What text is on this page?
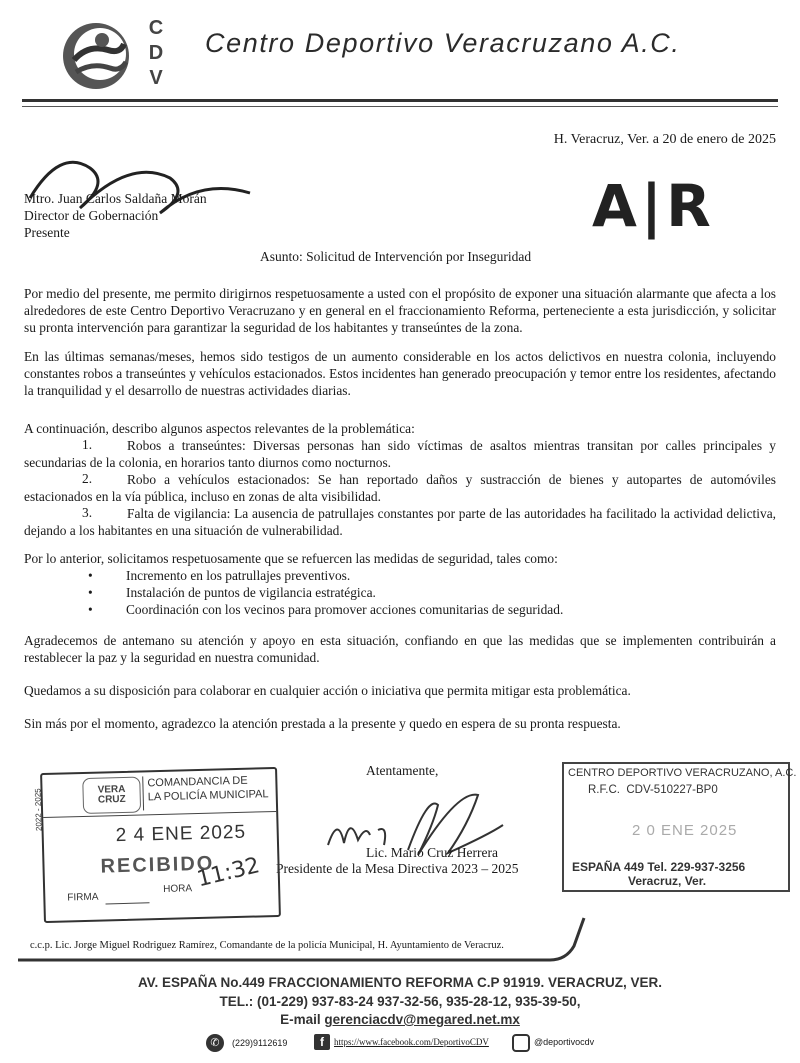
C
D
V
Centro Deportivo Veracruzano A.C.
H. Veracruz, Ver. a 20 de enero de 2025
Mtro. Juan Carlos Saldaña Morán
Director de Gobernación
Presente	A|R
Asunto: Solicitud de Intervención por Inseguridad
Por medio del presente, me permito dirigirnos respetuosamente a usted con el propósito de exponer una situación alarmante que afecta a los alrededores de este Centro Deportivo Veracruzano y en general en el fraccionamiento Reforma, perteneciente a esta jurisdicción, y solicitar su pronta intervención para garantizar la seguridad de los habitantes y transeúntes de la zona.
En las últimas semanas/meses, hemos sido testigos de un aumento considerable en los actos delictivos en nuestra colonia, incluyendo constantes robos a transeúntes y vehículos estacionados. Estos incidentes han generado preocupación y temor entre los residentes, afectando la tranquilidad y el desarrollo de nuestras actividades diarias.
A continuación, describo algunos aspectos relevantes de la problemática:
1.	Robos a transeúntes: Diversas personas han sido víctimas de asaltos mientras transitan por calles principales y secundarias de la colonia, en horarios tanto diurnos como nocturnos.
2.	Robo a vehículos estacionados: Se han reportado daños y sustracción de bienes y autopartes de automóviles estacionados en la vía pública, incluso en zonas de alta visibilidad.
3.	Falta de vigilancia: La ausencia de patrullajes constantes por parte de las autoridades ha facilitado la actividad delictiva, dejando a los habitantes en una situación de vulnerabilidad.
Por lo anterior, solicitamos respetuosamente que se refuercen las medidas de seguridad, tales como:
• Incremento en los patrullajes preventivos.
• Instalación de puntos de vigilancia estratégica.
• Coordinación con los vecinos para promover acciones comunitarias de seguridad.
Agradecemos de antemano su atención y apoyo en esta situación, confiando en que las medidas que se implementen contribuirán a restablecer la paz y la seguridad en nuestra comunidad.
Quedamos a su disposición para colaborar en cualquier acción o iniciativa que permita mitigar esta problemática.
Sin más por el momento, agradezco la atención prestada a la presente y quedo en espera de su pronta respuesta.
Atentamente,
Lic. Mario Cruz Herrera
Presidente de la Mesa Directiva 2023 – 2025
2022 - 2025	VERA CRUZ
COMANDANCIA DE
LA POLICÍA MUNICIPAL
2 4 ENE 2025
RECIBIDO
FIRMA
HORA 11:32
CENTRO DEPORTIVO VERACRUZANO, A.C.
R.F.C.  CDV-510227-BP0
2 0 ENE 2025
ESPAÑA 449 Tel. 229-937-3256
Veracruz, Ver.
c.c.p. Lic. Jorge Miguel Rodriguez Ramírez, Comandante de la policía Municipal, H. Ayuntamiento de Veracruz.
AV. ESPAÑA No.449 FRACCIONAMIENTO REFORMA C.P 91919. VERACRUZ, VER.
TEL.: (01-229) 937-83-24 937-32-56, 935-28-12, 935-39-50,
E-mail gerenciacdv@megared.net.mx
✆	(229)9112619	f	https://www.facebook.com/DeportivoCDV	@deportivocdv
